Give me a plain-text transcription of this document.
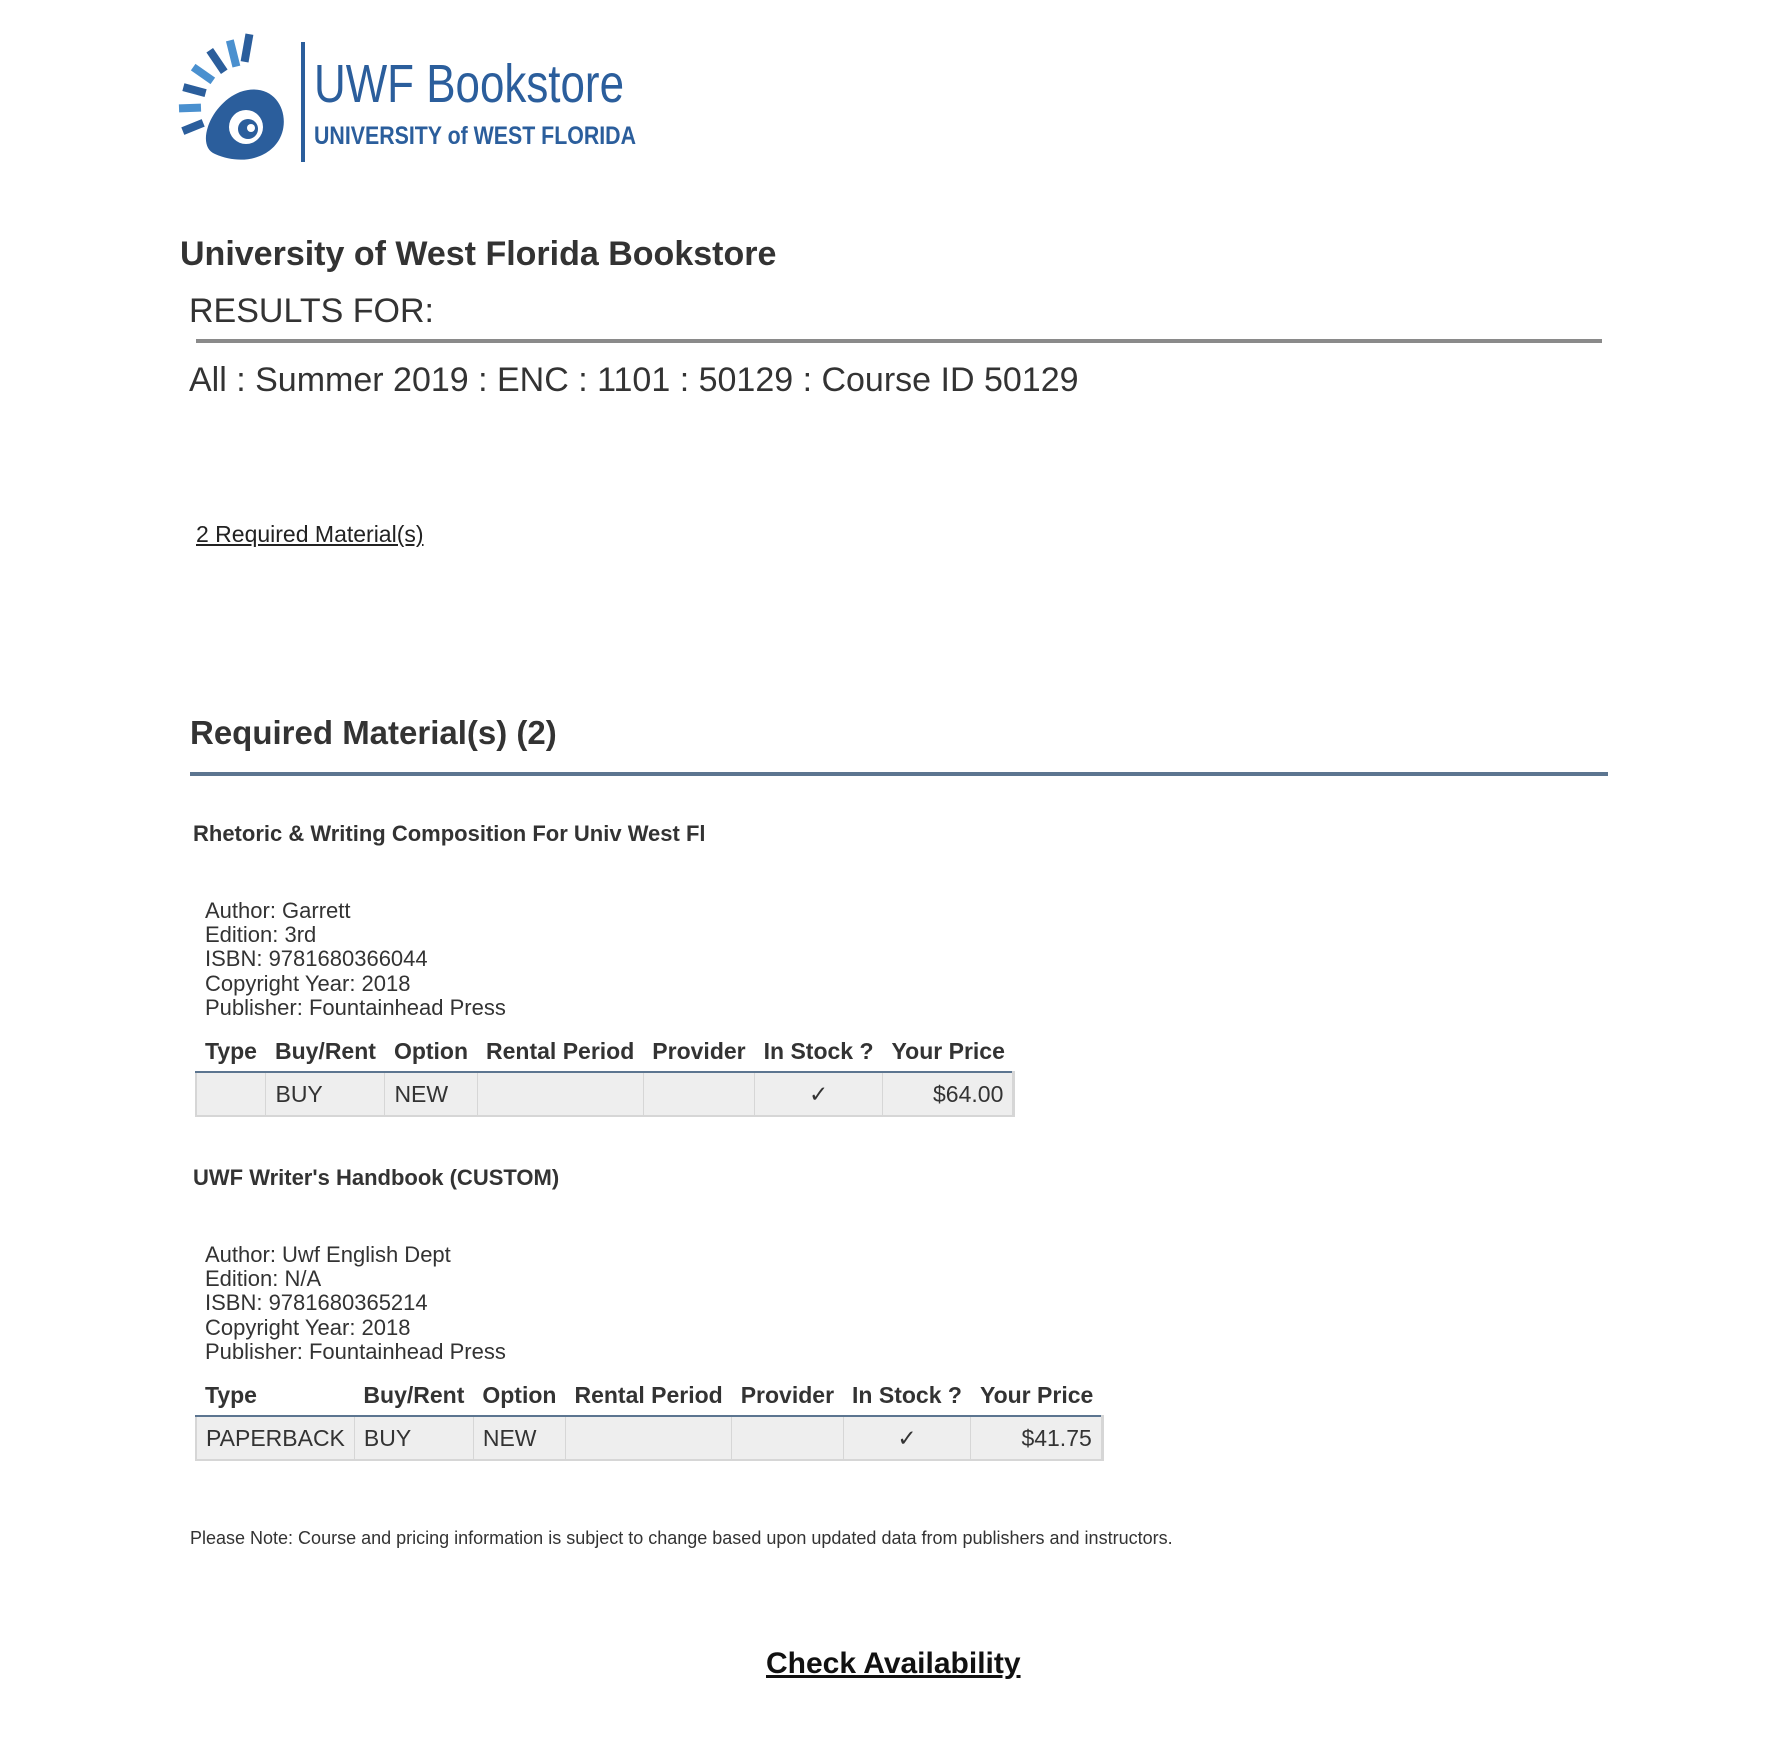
UWF Bookstore
UNIVERSITY of WEST FLORIDA
University of West Florida Bookstore
RESULTS FOR:
All : Summer 2019 : ENC : 1101 : 50129 : Course ID 50129
2 Required Material(s)
Required Material(s) (2)
Rhetoric & Writing Composition For Univ West Fl
Author: Garrett
Edition: 3rd
ISBN: 9781680366044
Copyright Year: 2018
Publisher: Fountainhead Press
Type	Buy/Rent	Option	Rental Period	Provider	In Stock ?	Your Price
	BUY	NEW			✓	$64.00
UWF Writer's Handbook (CUSTOM)
Author: Uwf English Dept
Edition: N/A
ISBN: 9781680365214
Copyright Year: 2018
Publisher: Fountainhead Press
Type	Buy/Rent	Option	Rental Period	Provider	In Stock ?	Your Price
PAPERBACK	BUY	NEW			✓	$41.75
Please Note: Course and pricing information is subject to change based upon updated data from publishers and instructors.
Check Availability
